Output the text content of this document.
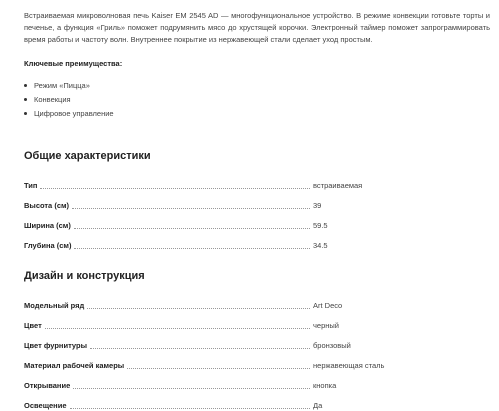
Встраиваемая микроволновая печь Kaiser EM 2545 AD — многофункциональное устройство. В режиме конвекции готовьте торты и печенье, а функция «Гриль» поможет подрумянить мясо до хрустящей корочки. Электронный таймер поможет запрограммировать время работы и частоту волн. Внутреннее покрытие из нержавеющей стали сделает уход простым.

Ключевые преимущества:

Режим «Пицца»
Конвекция
Цифровое управление
Общие характеристики
Тип	встраиваемая
Высота (см)	39
Ширина (см)	59.5
Глубина (см)	34.5
Дизайн и конструкция
Модельный ряд	Art Deco
Цвет	черный
Цвет фурнитуры	бронзовый
Материал рабочей камеры	нержавеющая сталь
Открывание	кнопка
Освещение	Да
